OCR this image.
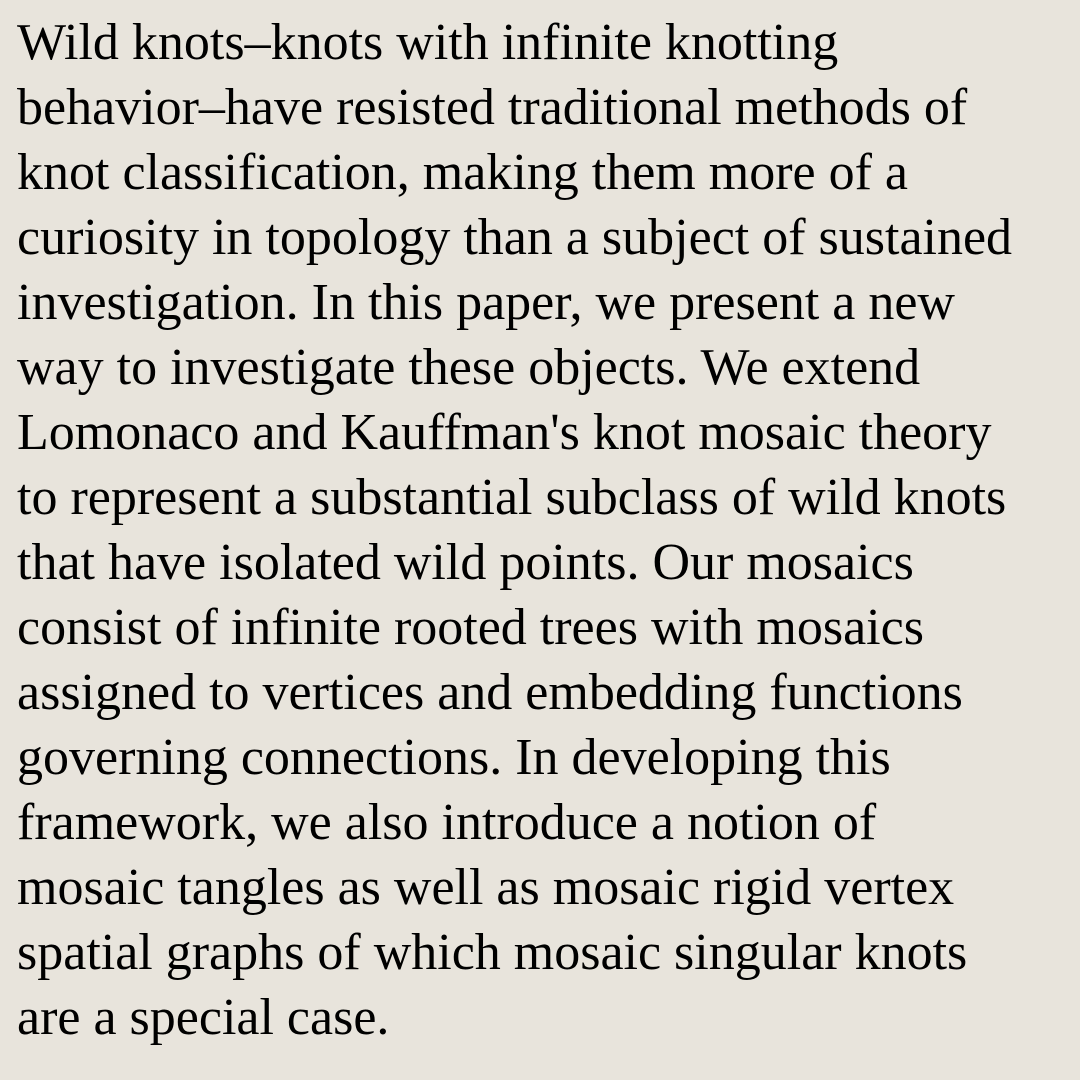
Wild knots–knots with infinite knotting
behavior–have resisted traditional methods of
knot classification, making them more of a
curiosity in topology than a subject of sustained
investigation. In this paper, we present a new
way to investigate these objects. We extend
Lomonaco and Kauffman's knot mosaic theory
to represent a substantial subclass of wild knots
that have isolated wild points. Our mosaics
consist of infinite rooted trees with mosaics
assigned to vertices and embedding functions
governing connections. In developing this
framework, we also introduce a notion of
mosaic tangles as well as mosaic rigid vertex
spatial graphs of which mosaic singular knots
are a special case.
